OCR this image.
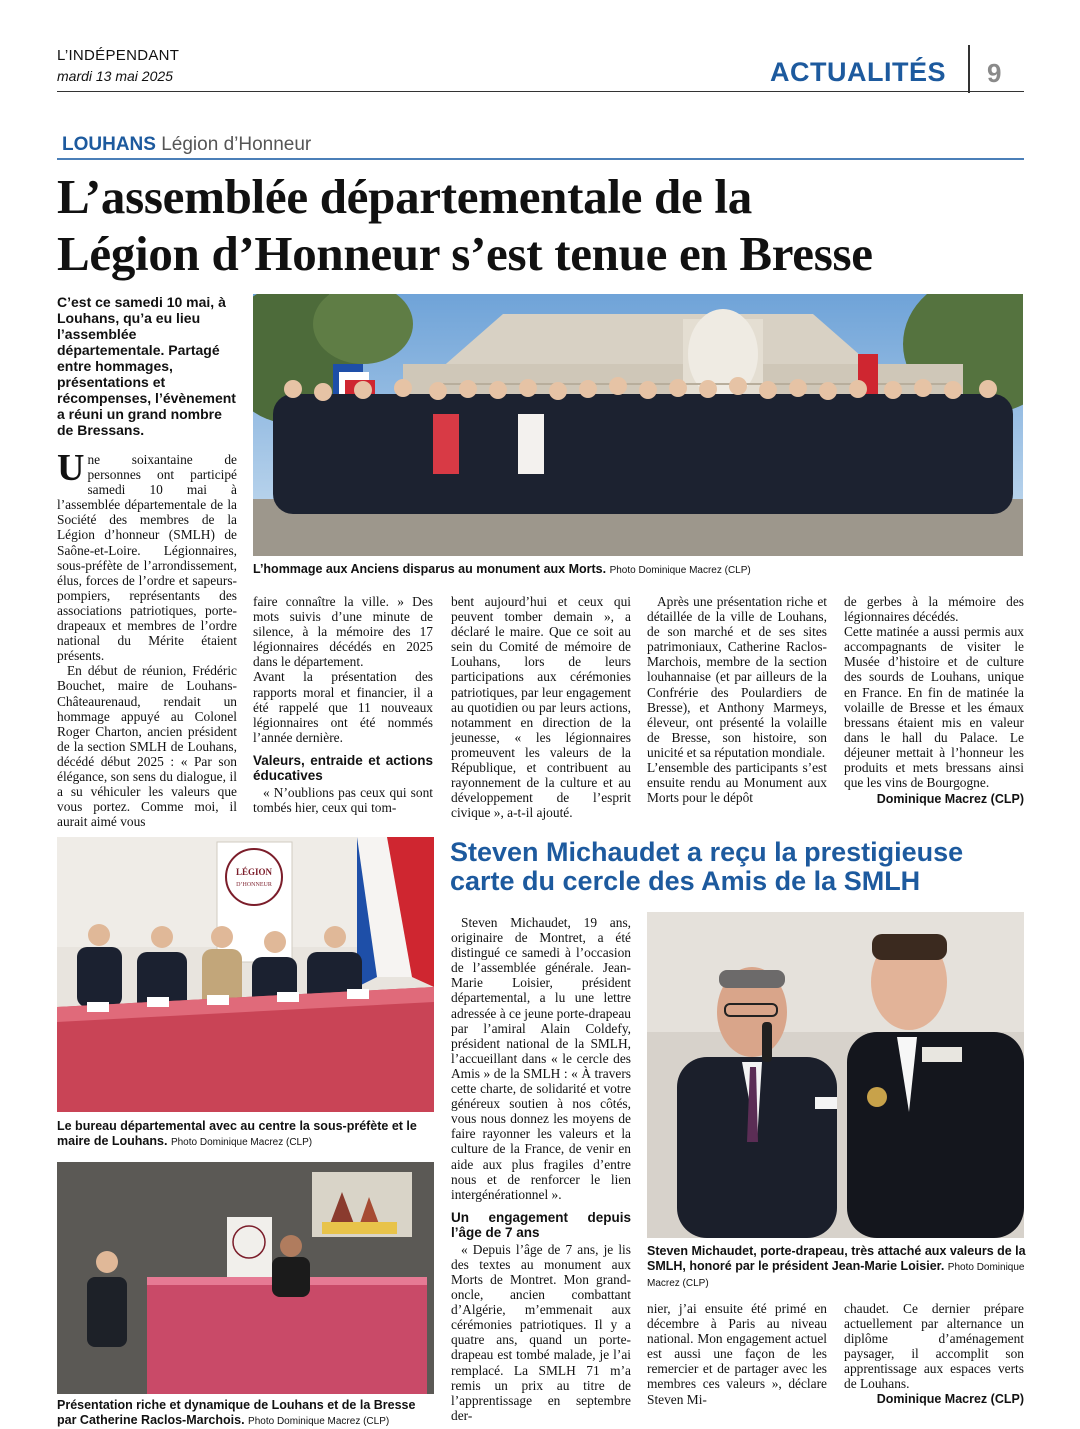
L’INDÉPENDANT
mardi 13 mai 2025	ACTUALITÉS 9
LOUHANS Légion d’Honneur
L’assemblée départementale de la
Légion d’Honneur s’est tenue en Bresse
C’est ce samedi 10 mai, à Louhans, qu’a eu lieu l’assemblée départementale. Partagé entre hommages, présentations et récompenses, l’évènement a réuni un grand nombre de Bressans.
L’hommage aux Anciens disparus au monument aux Morts. Photo Dominique Macrez (CLP)

Une soixantaine de personnes ont participé samedi 10 mai à l’assemblée départementale de la Société des membres de la Légion d’honneur (SMLH) de Saône-et-Loire. Légionnaires, sous-préfète de l’arrondissement, élus, forces de l’ordre et sapeurs-pompiers, représentants des associations patriotiques, porte-drapeaux et membres de l’ordre national du Mérite étaient présents.

En début de réunion, Frédéric Bouchet, maire de Louhans-Châteaurenaud, rendait un hommage appuyé au Colonel Roger Charton, ancien président de la section SMLH de Louhans, décédé début 2025 : « Par son élégance, son sens du dialogue, il a su véhiculer les valeurs que vous portez. Comme moi, il aurait aimé vous

faire connaître la ville. » Des mots suivis d’une minute de silence, à la mémoire des 17 légionnaires décédés en 2025 dans le département.

Avant la présentation des rapports moral et financier, il a été rappelé que 11 nouveaux légionnaires ont été nommés l’année dernière.

Valeurs, entraide et actions éducatives

« N’oublions pas ceux qui sont tombés hier, ceux qui tom-

bent aujourd’hui et ceux qui peuvent tomber demain », a déclaré le maire. Que ce soit au sein du Comité de mémoire de Louhans, lors de leurs participations aux cérémonies patriotiques, par leur engagement au quotidien ou par leurs actions, notamment en direction de la jeunesse, « les légionnaires promeuvent les valeurs de la République, et contribuent au rayonnement de la culture et au développement de l’esprit civique », a-t-il ajouté.

Après une présentation riche et détaillée de la ville de Louhans, de son marché et de ses sites patrimoniaux, Catherine Raclos-Marchois, membre de la section louhannaise (et par ailleurs de la Confrérie des Poulardiers de Bresse), et Anthony Marmeys, éleveur, ont présenté la volaille de Bresse, son histoire, son unicité et sa réputation mondiale.

L’ensemble des participants s’est ensuite rendu au Monument aux Morts pour le dépôt

de gerbes à la mémoire des légionnaires décédés.

Cette matinée a aussi permis aux accompagnants de visiter le Musée d’histoire et de culture des sourds de Louhans, unique en France. En fin de matinée la volaille de Bresse et les émaux bressans étaient mis en valeur dans le hall du Palace. Le déjeuner mettait à l’honneur les produits et mets bressans ainsi que les vins de Bourgogne.

Dominique Macrez (CLP)
LÉGION
D’HONNEUR
Le bureau départemental avec au centre la sous-préfète et le maire de Louhans. Photo Dominique Macrez (CLP)
Présentation riche et dynamique de Louhans et de la Bresse par Catherine Raclos-Marchois. Photo Dominique Macrez (CLP)
Steven Michaudet a reçu la prestigieuse carte du cercle des Amis de la SMLH

Steven Michaudet, 19 ans, originaire de Montret, a été distingué ce samedi à l’occasion de l’assemblée générale. Jean-Marie Loisier, président départemental, a lu une lettre adressée à ce jeune porte-drapeau par l’amiral Alain Coldefy, président national de la SMLH, l’accueillant dans « le cercle des Amis » de la SMLH : « À travers cette charte, de solidarité et votre généreux soutien à nos côtés, vous nous donnez les moyens de faire rayonner les valeurs et la culture de la France, de venir en aide aux plus fragiles d’entre nous et de renforcer le lien intergénérationnel ».

Un engagement depuis l’âge de 7 ans

« Depuis l’âge de 7 ans, je lis des textes au monument aux Morts de Montret. Mon grand-oncle, ancien combattant d’Algérie, m’emmenait aux cérémonies patriotiques. Il y a quatre ans, quand un porte-drapeau est tombé malade, je l’ai remplacé. La SMLH 71 m’a remis un prix au titre de l’apprentissage en septembre der-

Steven Michaudet, porte-drapeau, très attaché aux valeurs de la SMLH, honoré par le président Jean-Marie Loisier. Photo Dominique Macrez (CLP)

nier, j’ai ensuite été primé en décembre à Paris au niveau national. Mon engagement actuel est aussi une façon de les remercier et de partager avec les membres ces valeurs », déclare Steven Mi-

chaudet. Ce dernier prépare actuellement par alternance un diplôme d’aménagement paysager, il accomplit son apprentissage aux espaces verts de Louhans.

Dominique Macrez (CLP)
